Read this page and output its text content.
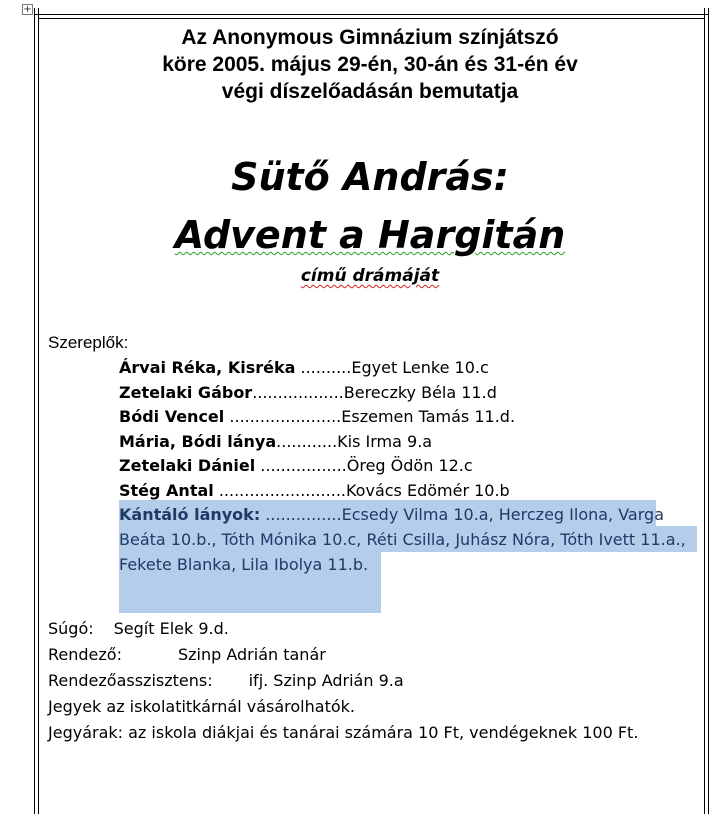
+
Az Anonymous Gimnázium színjátszó
köre 2005. május 29-én, 30-án és 31-én év
végi díszelőadásán bemutatja
Sütő András:
Advent a Hargitán
című drámáját
Szereplők:
Árvai Réka, Kisréka ..........Egyet Lenke 10.c
Zetelaki Gábor..................Bereczky Béla 11.d
Bódi Vencel ......................Eszemen Tamás 11.d.
Mária, Bódi lánya............Kis Irma 9.a
Zetelaki Dániel .................Öreg Ödön 12.c
Stég Antal .........................Kovács Edömér 10.b
Kántáló lányok: ...............Ecsedy Vilma 10.a, Herczeg Ilona, Varga
Beáta 10.b., Tóth Mónika 10.c, Réti Csilla, Juhász Nóra, Tóth Ivett 11.a.,
Fekete Blanka, Lila Ibolya 11.b.
Súgó: Segít Elek 9.d.
Rendező:	Szinp Adrián tanár
Rendezőasszisztens: ifj. Szinp Adrián 9.a
Jegyek az iskolatitkárnál vásárolhatók.
Jegyárak: az iskola diákjai és tanárai számára 10 Ft, vendégeknek 100 Ft.
